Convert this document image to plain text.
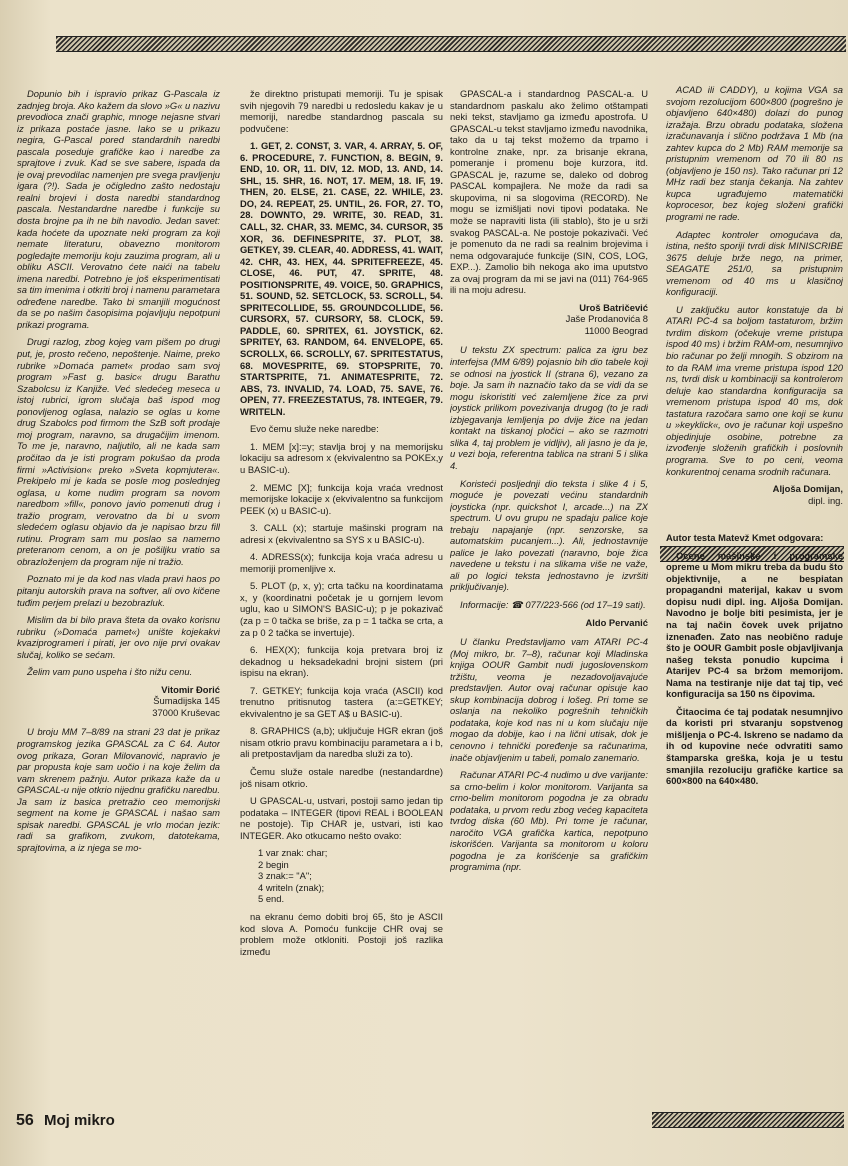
Dopunio bih i ispravio prikaz G-Pascala iz zadnjeg broja. Ako kažem da slovo »G« u nazivu prevodioca znači graphic, mnoge nejasne stvari iz prikaza postaće jasne. Iako se u prikazu negira, G-Pascal pored standardnih naredbi pascala poseduje grafičke kao i naredbe za sprajtove i zvuk. Kad se sve sabere, ispada da je ovaj prevodilac namenjen pre svega pravljenju igara (?!). Sada je očigledno zašto nedostaju realni brojevi i dosta naredbi standardnog pascala. Nestandardne naredbe i funkcije su dosta brojne pa ih ne bih navodio. Jedan savet: kada hoćete da upoznate neki program za koji nemate literaturu, obavezno monitorom pogledajte memoriju koju zauzima program, ali u obliku ASCII. Verovatno ćete naići na tabelu imena naredbi. Potrebno je još eksperimentisati sa tim imenima i otkriti broj i namenu parametara određene naredbe. Tako bi smanjili mogućnost da se po našim časopisima pojavljuju nepotpuni prikazi programa.

Drugi razlog, zbog kojeg vam pišem po drugi put, je, prosto rečeno, nepoštenje. Naime, preko rubrike »Domaća pamet« prodao sam svoj program »Fast g. basic« drugu Barathu Szabolcsu iz Kanjiže. Već sledećeg meseca u istoj rubrici, igrom slučaja baš ispod mog ponovljenog oglasa, nalazio se oglas u kome drug Szabolcs pod firmom the SzB soft prodaje moj program, naravno, sa drugačijim imenom. To me je, naravno, naljutilo, ali ne kada sam pročitao da je isti program pokušao da proda firmi »Activision« preko »Sveta kopmjutera«. Prekipelo mi je kada se posle mog poslednjeg oglasa, u kome nudim program sa novom naredbom »fill«, ponovo javio pomenuti drug i tražio program, verovatno da bi u svom sledećem oglasu objavio da je napisao brzu fill rutinu. Program sam mu poslao sa namerno preteranom cenom, a on je pošiljku vratio sa obrazloženjem da program nije ni tražio.

Poznato mi je da kod nas vlada pravi haos po pitanju autorskih prava na softver, ali ovo kičene tuđim perjem prelazi u bezobrazluk.

Mislim da bi bilo prava šteta da ovako korisnu rubriku (»Domaća pamet«) unište kojekakvi kvaziprogrameri i pirati, jer ovo nije prvi ovakav slučaj, koliko se sećam.

Želim vam puno uspeha i što nižu cenu.

Vitomir Đorić
Šumadijska 145
37000 Kruševac

U broju MM 7–8/89 na strani 23 dat je prikaz programskog jezika GPASCAL za C 64. Autor ovog prikaza, Goran Milovanović, napravio je par propusta koje sam uočio i na koje želim da vam skrenem pažnju. Autor prikaza kaže da u GPASCAL-u nije otkrio nijednu grafičku naredbu. Ja sam iz basica pretražio ceo memorijski segment na kome je GPASCAL i našao sam spisak naredbi. GPASCAL je vrlo moćan jezik: radi sa grafikom, zvukom, datotekama, sprajtovima, a iz njega se mo-

že direktno pristupati memoriji. Tu je spisak svih njegovih 79 naredbi u redosledu kakav je u memoriji, naredbe standardnog pascala su podvučene:

1. GET, 2. CONST, 3. VAR, 4. ARRAY, 5. OF, 6. PROCEDURE, 7. FUNCTION, 8. BEGIN, 9. END, 10. OR, 11. DIV, 12. MOD, 13. AND, 14. SHL, 15. SHR, 16. NOT, 17. MEM, 18. IF, 19. THEN, 20. ELSE, 21. CASE, 22. WHILE, 23. DO, 24. REPEAT, 25. UNTIL, 26. FOR, 27. TO, 28. DOWNTO, 29. WRITE, 30. READ, 31. CALL, 32. CHAR, 33. MEMC, 34. CURSOR, 35 XOR, 36. DEFINESPRITE, 37. PLOT, 38. GETKEY, 39. CLEAR, 40. ADDRESS, 41. WAIT, 42. CHR, 43. HEX, 44. SPRITEFREEZE, 45. CLOSE, 46. PUT, 47. SPRITE, 48. POSITIONSPRITE, 49. VOICE, 50. GRAPHICS, 51. SOUND, 52. SETCLOCK, 53. SCROLL, 54. SPRITECOLLIDE, 55. GROUNDCOLLIDE, 56. CURSORX, 57. CURSORY, 58. CLOCK, 59. PADDLE, 60. SPRITEX, 61. JOYSTICK, 62. SPRITEY, 63. RANDOM, 64. ENVELOPE, 65. SCROLLX, 66. SCROLLY, 67. SPRITESTATUS, 68. MOVESPRITE, 69. STOPSPRITE, 70. STARTSPRITE, 71. ANIMATESPRITE, 72. ABS, 73. INVALID, 74. LOAD, 75. SAVE, 76. OPEN, 77. FREEZESTATUS, 78. INTEGER, 79. WRITELN.

Evo čemu služe neke naredbe:

1. MEM [x]:=y; stavlja broj y na memorijsku lokaciju sa adresom x (ekvivalentno sa POKEx,y u BASIC-u).

2. MEMC [X]; funkcija koja vraća vrednost memorijske lokacije x (ekvivalentno sa funkcijom PEEK (x) u BASIC-u).

3. CALL (x); startuje mašinski program na adresi x (ekvivalentno sa SYS x u BASIC-u).

4. ADRESS(x); funkcija koja vraća adresu u memoriji promenljive x.

5. PLOT (p, x, y); crta tačku na koordinatama x, y (koordinatni početak je u gornjem levom uglu, kao u SIMON'S BASIC-u); p je pokazivač (za p = 0 tačka se briše, za p = 1 tačka se crta, a za p 0 2 tačka se invertuje).

6. HEX(X); funkcija koja pretvara broj iz dekadnog u heksadekadni brojni sistem (pri ispisu na ekran).

7. GETKEY; funkcija koja vraća (ASCII) kod trenutno pritisnutog tastera (a:=GETKEY; ekvivalentno je sa GET A$ u BASIC-u).

8. GRAPHICS (a,b); uključuje HGR ekran (još nisam otkrio pravu kombinaciju parametara a i b, ali pretpostavljam da naredba služi za to).

Čemu služe ostale naredbe (nestandardne) još nisam otkrio.

U GPASCAL-u, ustvari, postoji samo jedan tip podataka – INTEGER (tipovi REAL i BOOLEAN ne postoje). Tip CHAR je, ustvari, isti kao INTEGER. Ako otkucamo nešto ovako:

1 var znak: char;
2 begin
3 znak:= "A";
4 writeln (znak);
5 end.

na ekranu ćemo dobiti broj 65, što je ASCII kod slova A. Pomoću funkcije CHR ovaj se problem može otkloniti. Postoji još razlika između

GPASCAL-a i standardnog PASCAL-a. U standardnom paskalu ako želimo otštampati neki tekst, stavljamo ga između apostrofa. U GPASCAL-u tekst stavljamo između navodnika, tako da u taj tekst možemo da trpamo i kontrolne znake, npr. za brisanje ekrana, pomeranje i promenu boje kurzora, itd. GPASCAL je, razume se, daleko od dobrog PASCAL kompajlera. Ne može da radi sa skupovima, ni sa slogovima (RECORD). Ne mogu se izmišljati novi tipovi podataka. Ne može se napraviti lista (ili stablo), što je u srži svakog PASCAL-a. Ne postoje pokazivači. Već je pomenuto da ne radi sa realnim brojevima i nema odgovarajuće funkcije (SIN, COS, LOG, EXP...). Zamolio bih nekoga ako ima uputstvo za ovaj program da mi se javi na (011) 764-965 ili na moju adresu.

Uroš Batričević
Jaše Prodanovića 8
11000 Beograd

U tekstu ZX spectrum: palica za igru bez interfejsa (MM 6/89) pojasnio bih dio tabele koji se odnosi na jyostick II (strana 6), vezano za boje. Ja sam ih naznačio tako da se vidi da se mogu iskoristiti već zalemljene žice za prvi joystick prilikom povezivanja drugog (to je radi izbjegavanja lemljenja po dvije žice na jedan kontakt na tiskanoj pločici – ako se razmotri slika 4, taj problem je vidljiv), ali jasno je da je, u vezi boja, referentna tablica na strani 5 i slika 4.

Koristeći posljednji dio teksta i slike 4 i 5, moguće je povezati većinu standardnih joysticka (npr. quickshot I, arcade...) na ZX spectrum. U ovu grupu ne spadaju palice koje trebaju napajanje (npr. senzorske, sa automatskim pucanjem...). Ali, jednostavnije palice je lako povezati (naravno, boje žica navedene u tekstu i na slikama više ne važe, ali po logici teksta jednostavno je izvršiti priključivanje).

Informacije: ☎ 077/223-566 (od 17–19 sati).

Aldo Pervanić

U članku Predstavljamo vam ATARI PC-4 (Moj mikro, br. 7–8), računar koji Mladinska knjiga OOUR Gambit nudi jugoslovenskom tržištu, veoma je nezadovoljavajuće predstavljen. Autor ovaj računar opisuje kao skup kombinacija dobrog i lošeg. Pri tome se oslanja na nekoliko pogrešnih tehničkih podataka, koje kod nas ni u kom slučaju nije mogao da dobije, kao i na lični utisak, dok je cenovno i tehnički poređenje sa računarima, inače objavljenim u tabeli, pomalo zanemario.

Računar ATARI PC-4 nudimo u dve varijante: sa crno-belim i kolor monitorom. Varijanta sa crno-belim monitorom pogodna je za obradu podataka, u prvom redu zbog većeg kapaciteta tvrdog diska (60 Mb). Pri tome je računar, naročito VGA grafička kartica, nepotpuno iskorišćen. Varijanta sa monitorom u koloru pogodna je za korišćenje sa grafičkim programima (npr.

ACAD ili CADDY), u kojima VGA sa svojom rezolucijom 600×800 (pogrešno je objavljeno 640×480) dolazi do punog izražaja. Brzu obradu podataka, složena izračunavanja i slično podržava 1 Mb (na zahtev kupca do 2 Mb) RAM memorije sa pristupnim vremenom od 70 ili 80 ns (objavljeno je 150 ns). Tako računar pri 12 MHz radi bez stanja čekanja. Na zahtev kupca ugrađujemo matematički koprocesor, bez kojeg složeni grafički programi ne rade.

Adaptec kontroler omogućava da, istina, nešto sporiji tvrdi disk MINISCRIBE 3675 deluje brže nego, na primer, SEAGATE 251/0, sa pristupnim vremenom od 40 ms u klasičnoj konfiguraciji.

U zaključku autor konstatuje da bi ATARI PC-4 sa boljom tastaturom, bržim tvrdim diskom (očekuje vreme pristupa ispod 40 ms) i bržim RAM-om, nesumnjivo bio računar po želji mnogih. S obzirom na to da RAM ima vreme pristupa ispod 120 ns, tvrdi disk u kombinaciji sa kontrolerom deluje kao standardna konfiguracija sa vremenom pristupa ispod 40 ms, dok tastatura razočara samo one koji se kunu u »keyklick«, ovo je računar koji uspešno objedinjuje osobine, potrebne za izvođenje složenih grafičkih i poslovnih programa. Sve to po ceni, veoma konkurentnoj cenama srodnih računara.

Aljoša Domijan,
dipl. ing.

Autor testa Matevž Kmet odgovara:

Ocene mašinske i programske opreme u Mom mikru treba da budu što objektivnije, a ne bespiatan propagandni materijal, kakav u svom dopisu nudi dipl. ing. Aljoša Domijan. Navodno je bolje biti pesimista, jer je na taj način čovek uvek prijatno iznenađen. Zato nas neobično raduje što je OOUR Gambit posle objavljivanja našeg teksta ponudio kupcima i Atarijev PC-4 sa bržom memorijom. Nama na testiranje nije dat taj tip, već konfiguracija sa 150 ns čipovima.

Čitaocima će taj podatak nesumnjivo da koristi pri stvaranju sopstvenog mišljenja o PC-4. Iskreno se nadamo da ih od kupovine neće odvratiti samo štamparska greška, koja je u testu smanjila rezoluciju grafičke kartice sa 600×800 na 640×480.

56 Moj mikro
